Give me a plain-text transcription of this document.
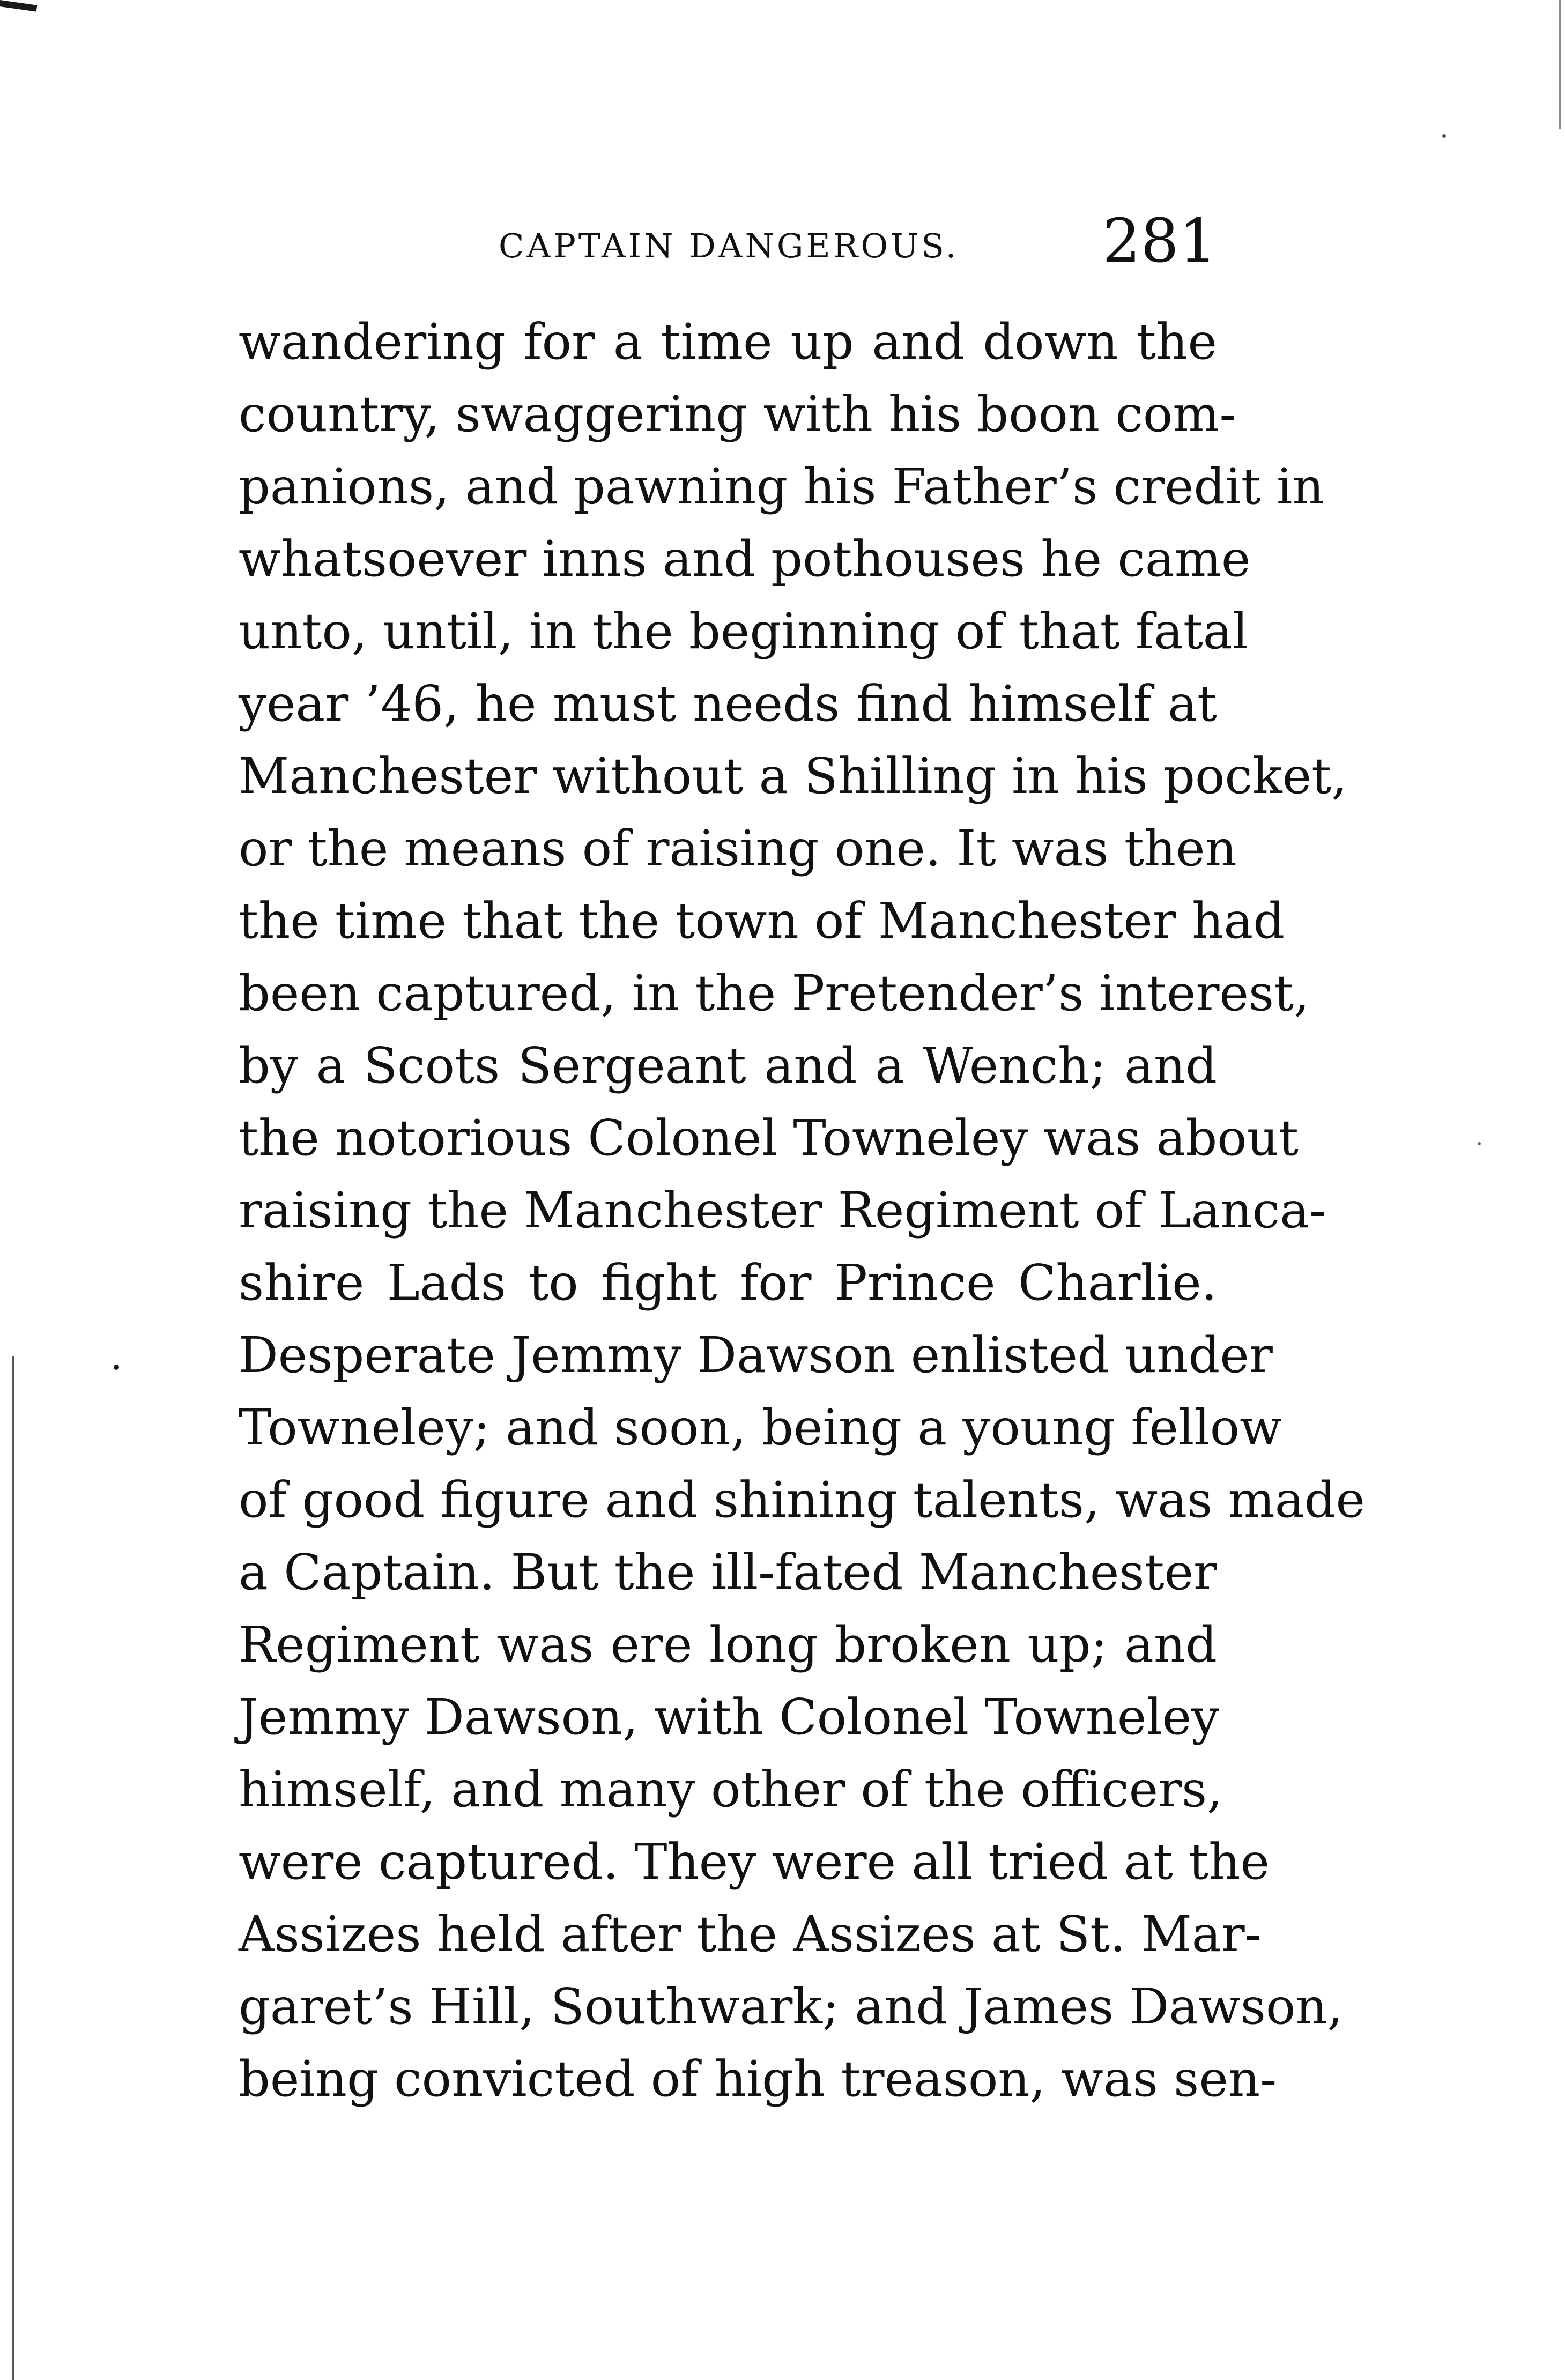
CAPTAIN DANGEROUS. 281
wandering for a time up and down the
country, swaggering with his boon com-
panions, and pawning his Father’s credit in
whatsoever inns and pothouses he came
unto, until, in the beginning of that fatal
year ’46, he must needs find himself at
Manchester without a Shilling in his pocket,
or the means of raising one. It was then
the time that the town of Manchester had
been captured, in the Pretender’s interest,
by a Scots Sergeant and a Wench; and
the notorious Colonel Towneley was about
raising the Manchester Regiment of Lanca-
shire Lads to fight for Prince Charlie.
Desperate Jemmy Dawson enlisted under
Towneley; and soon, being a young fellow
of good figure and shining talents, was made
a Captain. But the ill-fated Manchester
Regiment was ere long broken up; and
Jemmy Dawson, with Colonel Towneley
himself, and many other of the officers,
were captured. They were all tried at the
Assizes held after the Assizes at St. Mar-
garet’s Hill, Southwark; and James Dawson,
being convicted of high treason, was sen-
